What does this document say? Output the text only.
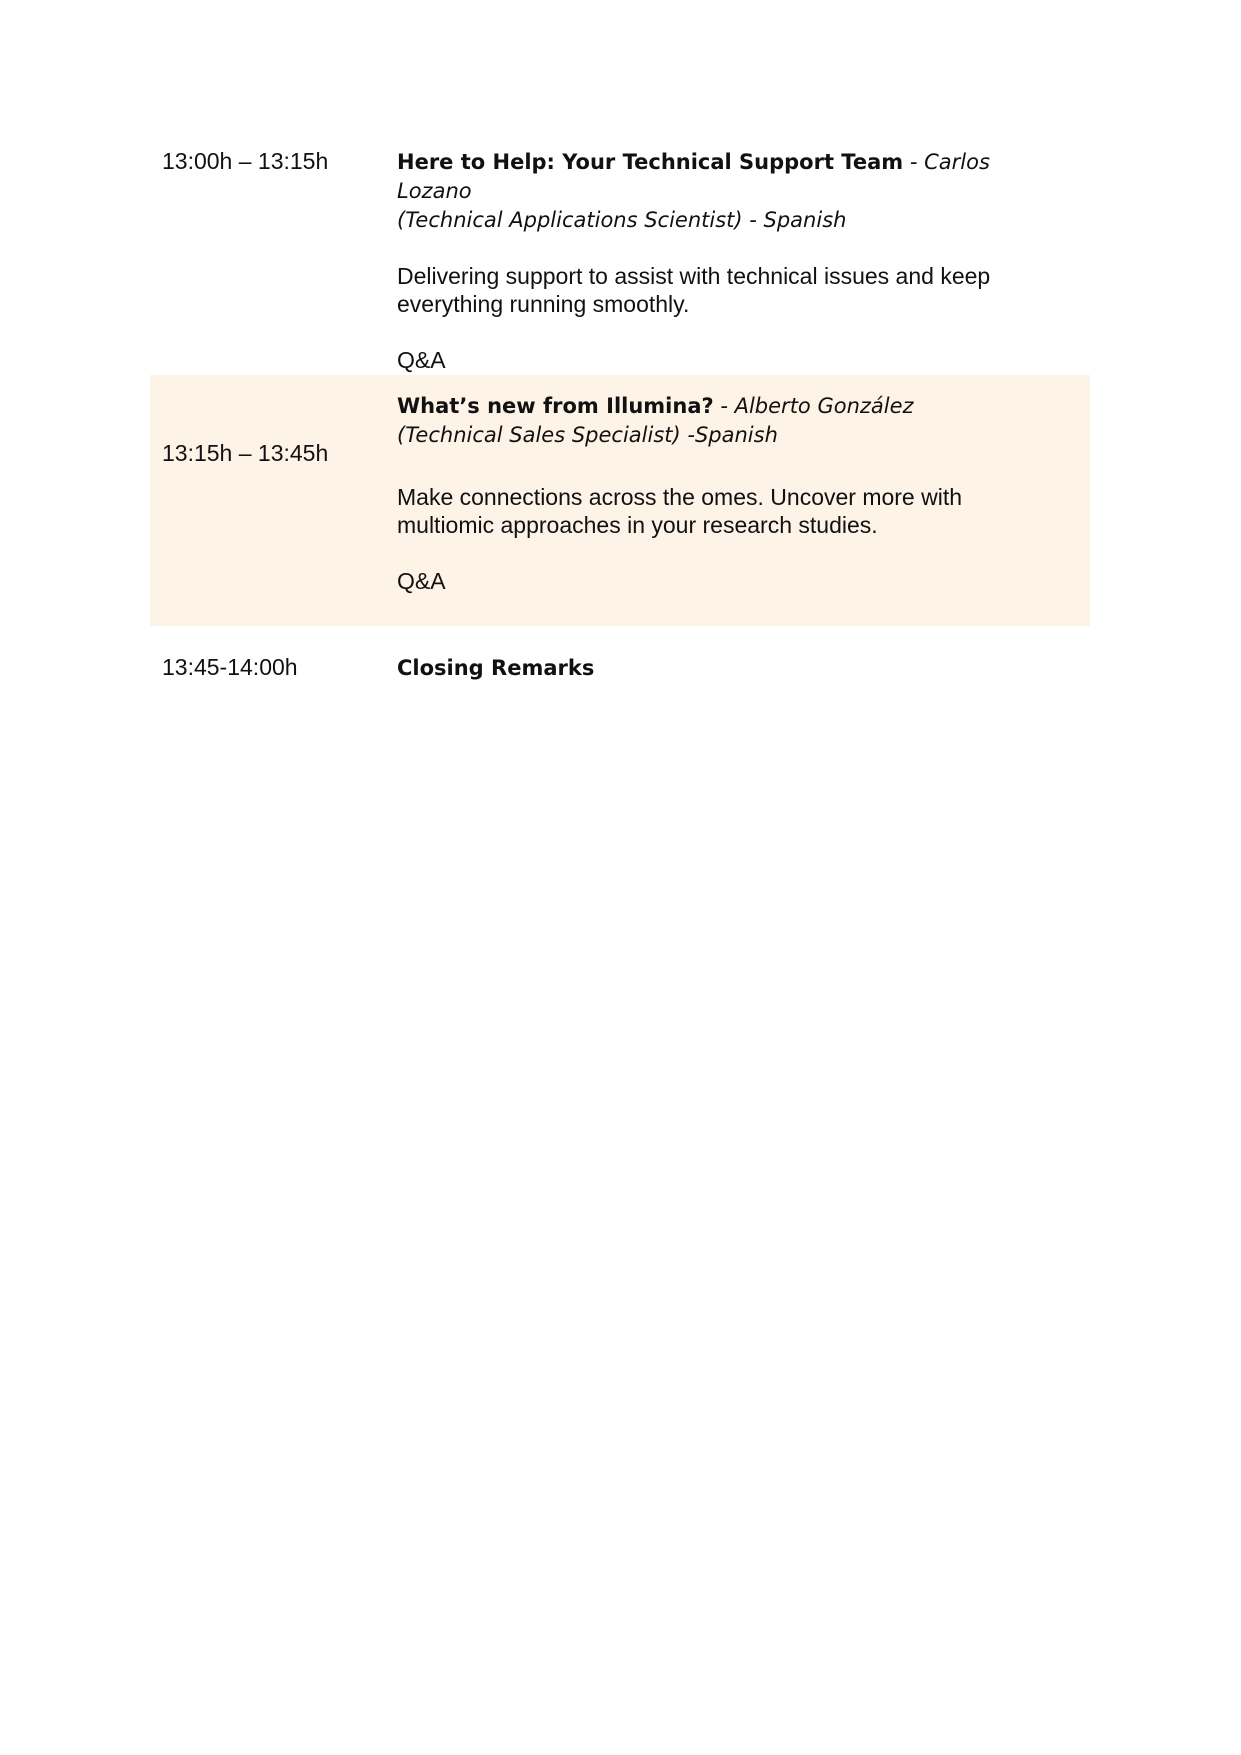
13:00h – 13:15h	Here to Help: Your Technical Support Team - Carlos Lozano
(Technical Applications Scientist) - Spanish

Delivering support to assist with technical issues and keep everything running smoothly.

Q&A

13:15h – 13:45h
What’s new from Illumina? - Alberto González
(Technical Sales Specialist) -Spanish

Make connections across the omes. Uncover more with multiomic approaches in your research studies.

Q&A

13:45-14:00h	Closing Remarks
